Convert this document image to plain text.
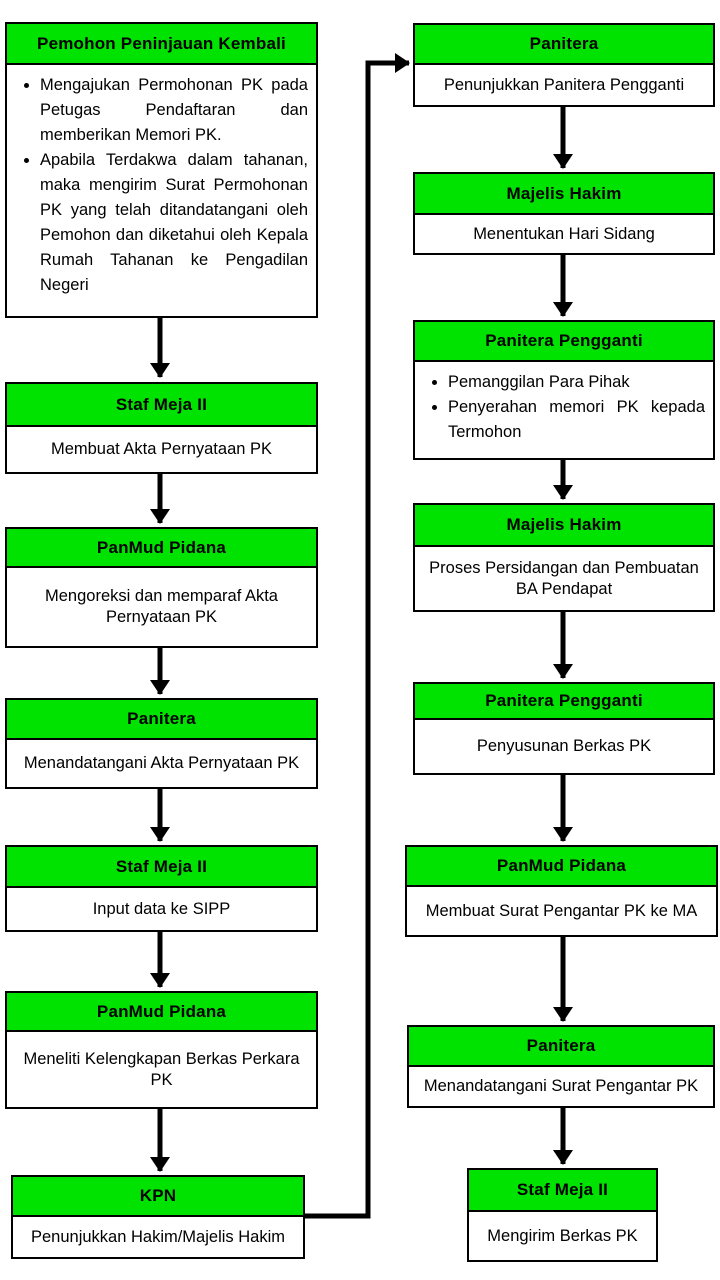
Pemohon Peninjauan Kembali
• Mengajukan Permohonan PK pada Petugas Pendaftaran dan memberikan Memori PK.
• Apabila Terdakwa dalam tahanan, maka mengirim Surat Permohonan PK yang telah ditandatangani oleh Pemohon dan diketahui oleh Kepala Rumah Tahanan ke Pengadilan Negeri
Staf Meja II
Membuat Akta Pernyataan PK
PanMud Pidana
Mengoreksi dan memparaf Akta Pernyataan PK
Panitera
Menandatangani Akta Pernyataan PK
Staf Meja II
Input data ke SIPP
PanMud Pidana
Meneliti Kelengkapan Berkas Perkara PK
KPN
Penunjukkan Hakim/Majelis Hakim
Panitera
Penunjukkan Panitera Pengganti
Majelis Hakim
Menentukan Hari Sidang
Panitera Pengganti
• Pemanggilan Para Pihak
• Penyerahan memori PK kepada Termohon
Majelis Hakim
Proses Persidangan dan Pembuatan BA Pendapat
Panitera Pengganti
Penyusunan Berkas PK
PanMud Pidana
Membuat Surat Pengantar PK ke MA
Panitera
Menandatangani Surat Pengantar PK
Staf Meja II
Mengirim Berkas PK
